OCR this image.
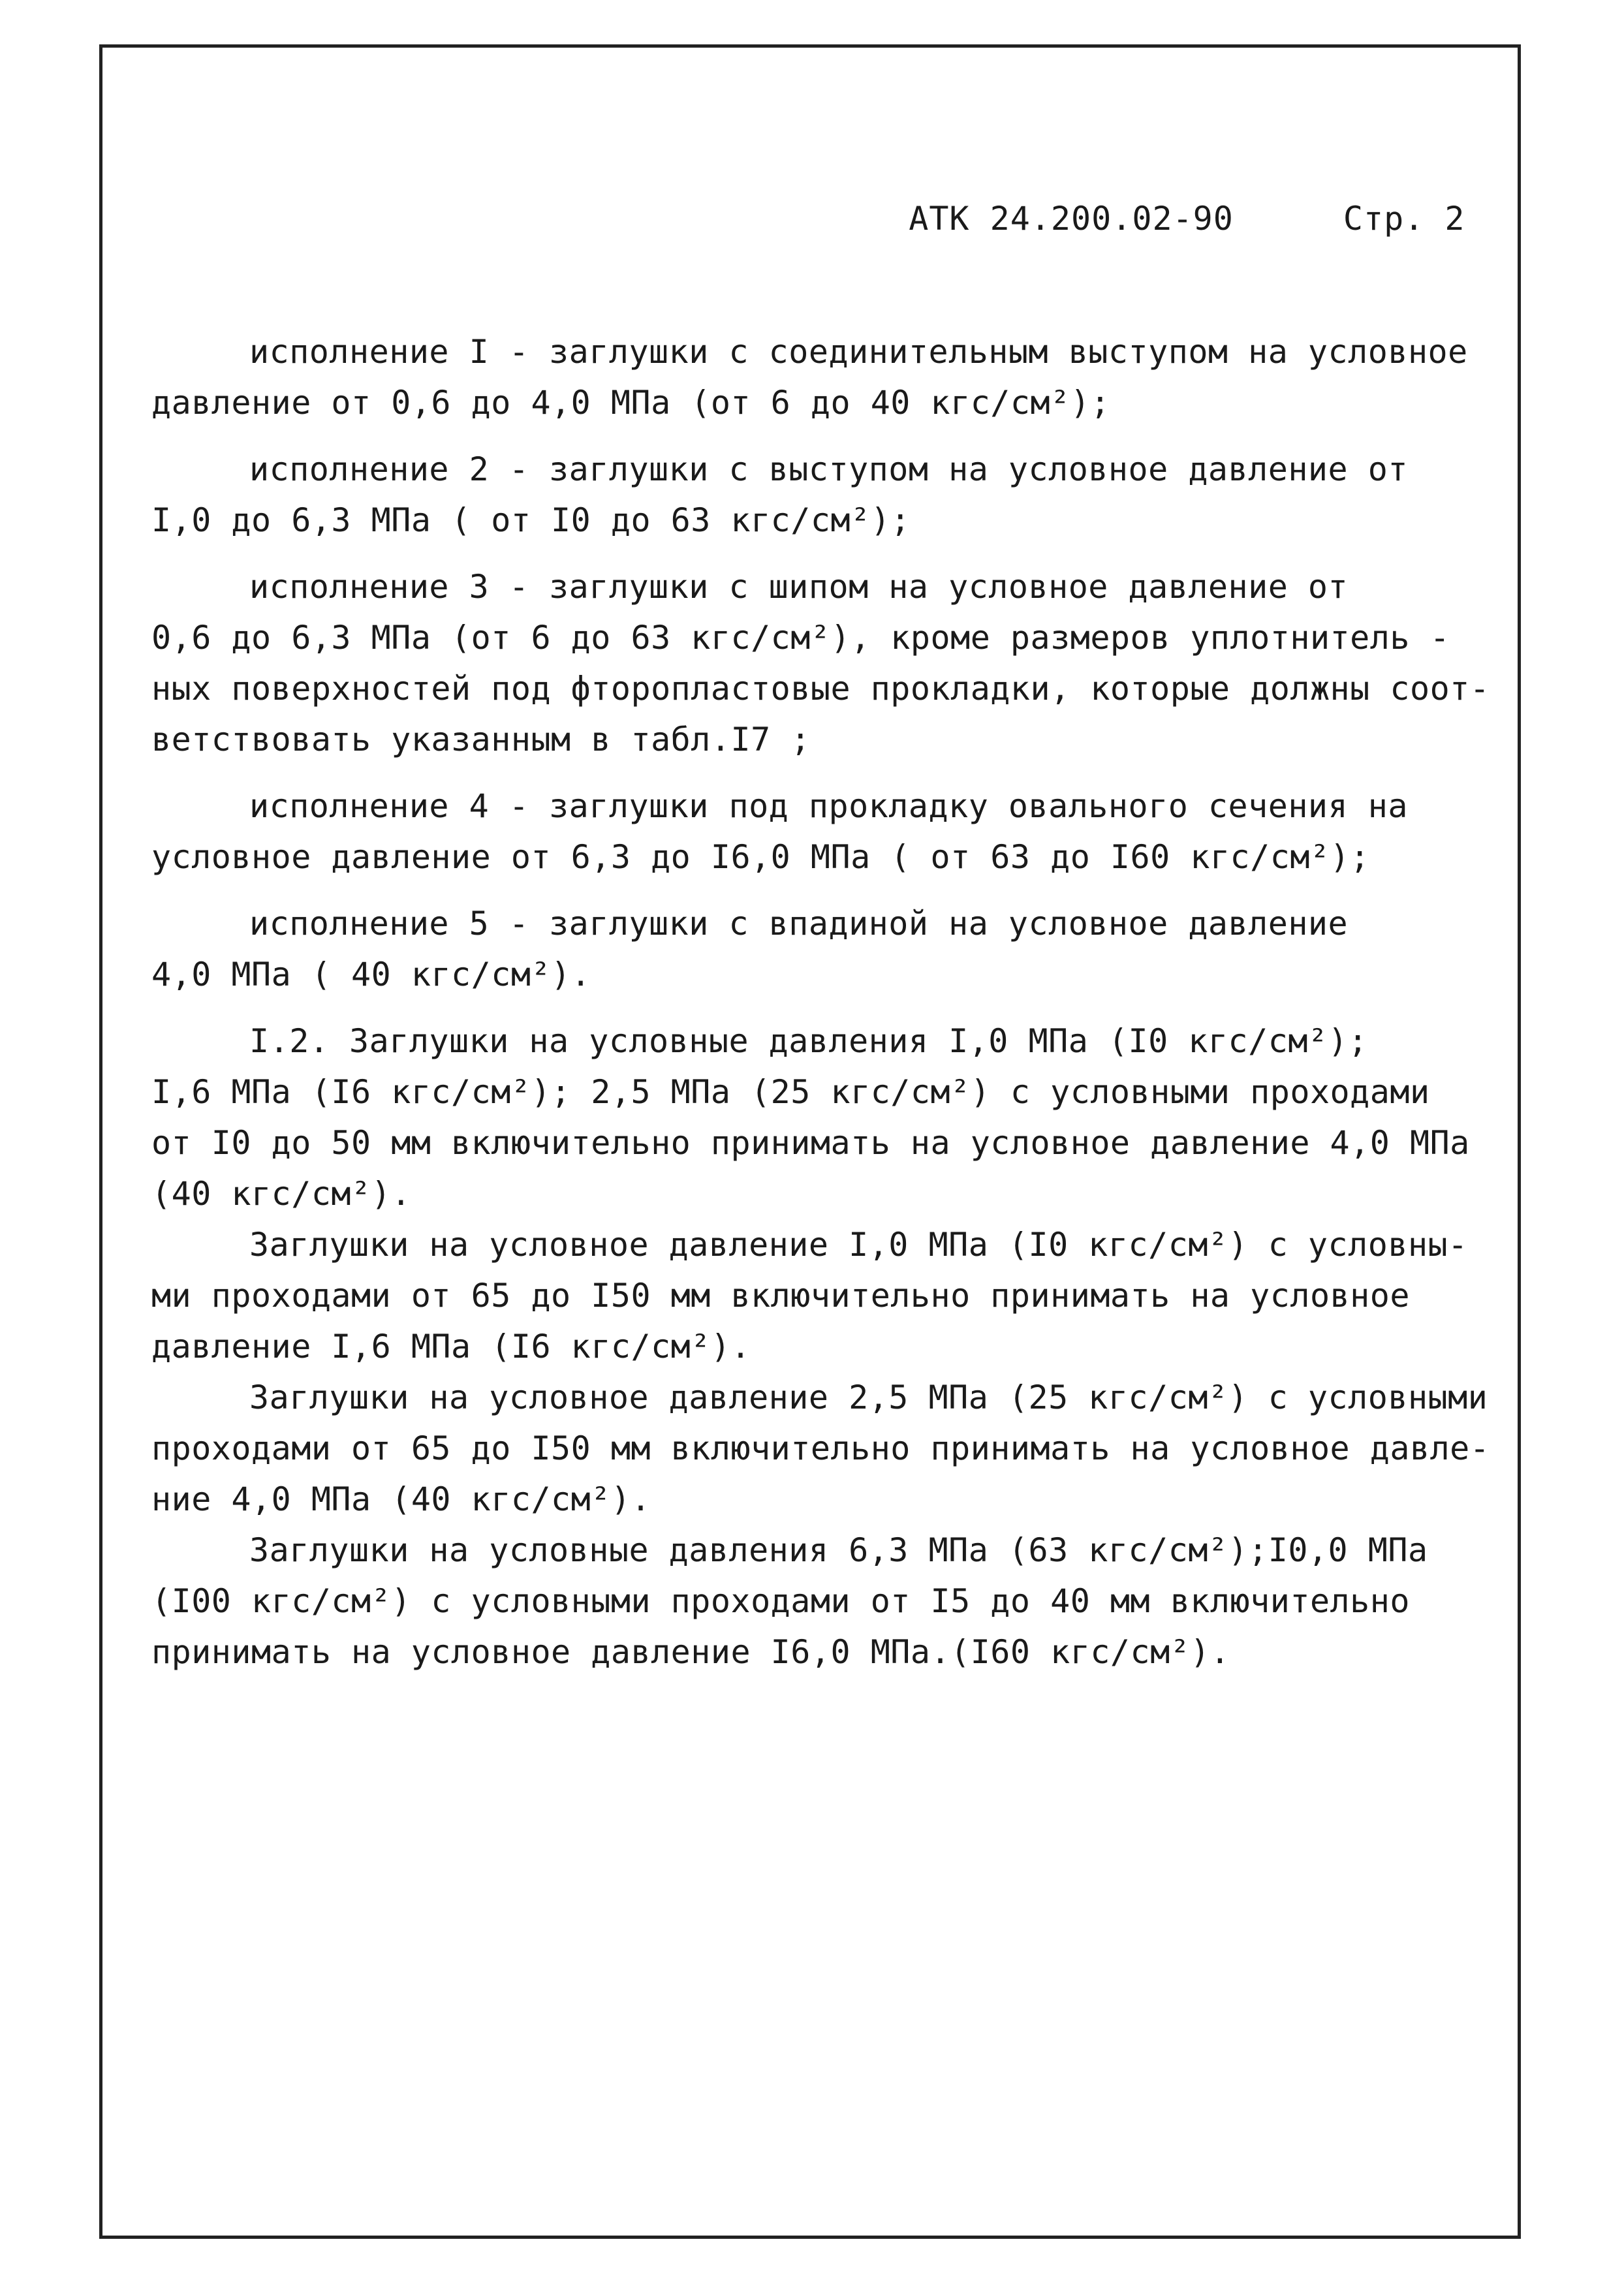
АТК 24.200.02-90	Стр. 2

исполнение I - заглушки с соединительным выступом на условное
давление от 0,6 до 4,0 МПа (от 6 до 40 кгс/см²);
исполнение 2 - заглушки с выступом на условное давление от
I,0 до 6,3 МПа ( от I0 до 63 кгс/см²);
исполнение 3 - заглушки с шипом на условное давление от
0,6 до 6,3 МПа (от 6 до 63 кгс/см²), кроме размеров уплотнитель -
ных поверхностей под фторопластовые прокладки, которые должны соот-
ветствовать указанным в табл.I7 ;
исполнение 4 - заглушки под прокладку овального сечения на
условное давление от 6,3 до I6,0 МПа ( от 63 до I60 кгс/см²);
исполнение 5 - заглушки с впадиной на условное давление
4,0 МПа ( 40 кгс/см²).
I.2. Заглушки на условные давления I,0 МПа (I0 кгс/см²);
I,6 МПа (I6 кгс/см²); 2,5 МПа (25 кгс/см²) с условными проходами
от I0 до 50 мм включительно принимать на условное давление 4,0 МПа
(40 кгс/см²).
Заглушки на условное давление I,0 МПа (I0 кгс/см²) с условны-
ми проходами от 65 до I50 мм включительно принимать на условное
давление I,6 МПа (I6 кгс/см²).
Заглушки на условное давление 2,5 МПа (25 кгс/см²) с условными
проходами от 65 до I50 мм включительно принимать на условное давле-
ние 4,0 МПа (40 кгс/см²).
Заглушки на условные давления 6,3 МПа (63 кгс/см²);I0,0 МПа
(I00 кгс/см²) с условными проходами от I5 до 40 мм включительно
принимать на условное давление I6,0 МПа.(I60 кгс/см²).
